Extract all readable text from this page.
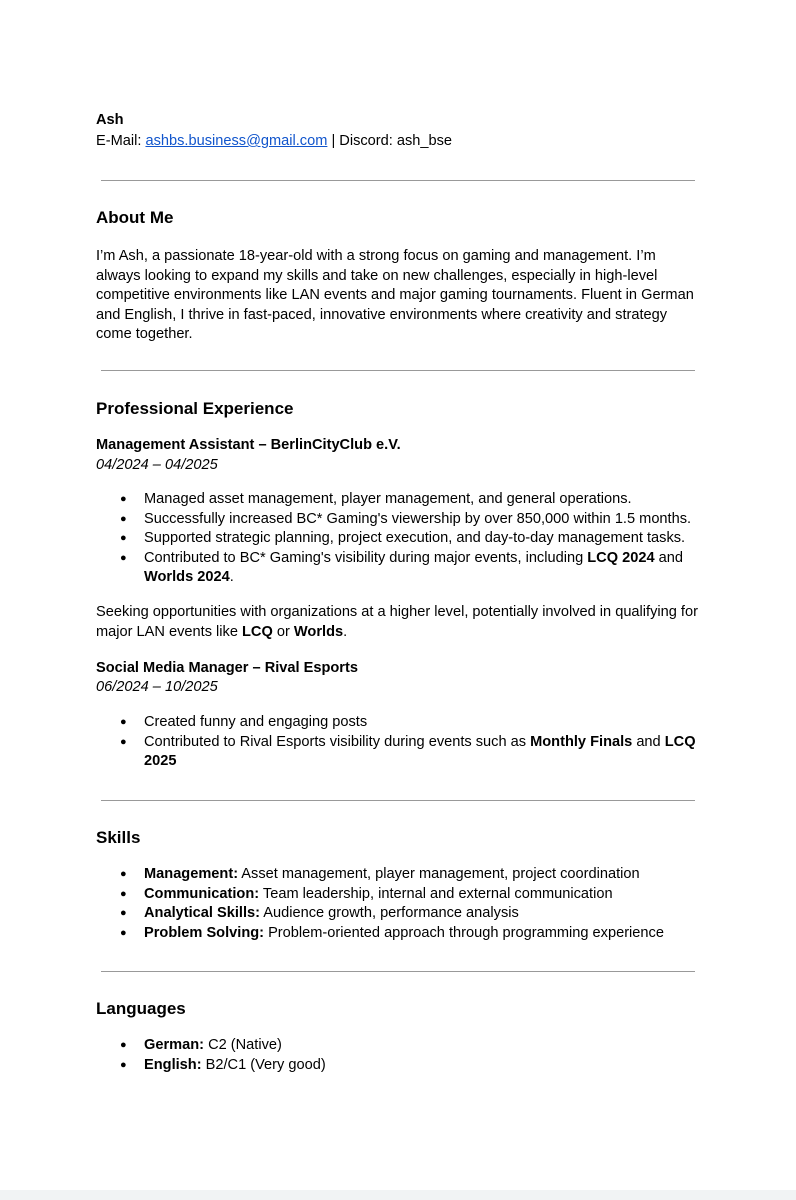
Ash
E-Mail: ashbs.business@gmail.com | Discord: ash_bse
About Me
I’m Ash, a passionate 18-year-old with a strong focus on gaming and management. I’m always looking to expand my skills and take on new challenges, especially in high-level competitive environments like LAN events and major gaming tournaments. Fluent in German and English, I thrive in fast-paced, innovative environments where creativity and strategy come together.
Professional Experience
Management Assistant – BerlinCityClub e.V.
04/2024 – 04/2025
● Managed asset management, player management, and general operations.
● Successfully increased BC* Gaming's viewership by over 850,000 within 1.5 months.
● Supported strategic planning, project execution, and day-to-day management tasks.
● Contributed to BC* Gaming's visibility during major events, including LCQ 2024 and Worlds 2024.
Seeking opportunities with organizations at a higher level, potentially involved in qualifying for major LAN events like LCQ or Worlds.
Social Media Manager – Rival Esports
06/2024 – 10/2025
● Created funny and engaging posts
● Contributed to Rival Esports visibility during events such as Monthly Finals and LCQ 2025
Skills
● Management: Asset management, player management, project coordination
● Communication: Team leadership, internal and external communication
● Analytical Skills: Audience growth, performance analysis
● Problem Solving: Problem-oriented approach through programming experience
Languages
● German: C2 (Native)
● English: B2/C1 (Very good)
